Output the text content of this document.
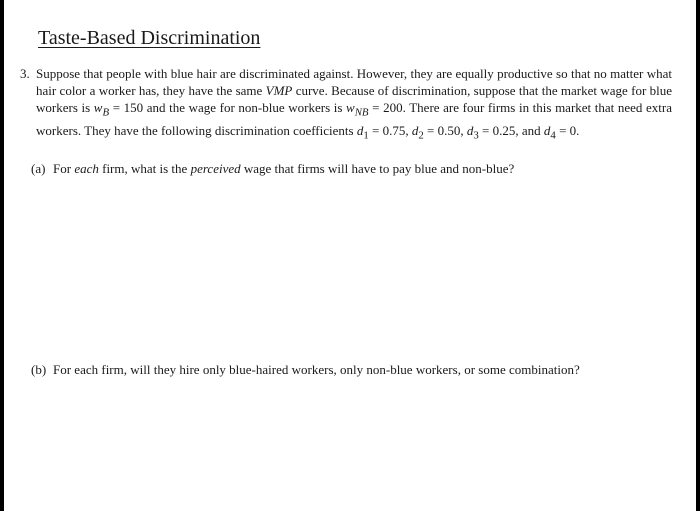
Taste-Based Discrimination
3. Suppose that people with blue hair are discriminated against. However, they are equally productive so that no matter what hair color a worker has, they have the same VMP curve. Because of discrimination, suppose that the market wage for blue workers is $w_B = 150$ and the wage for non-blue workers is $w_{NB} = 200$. There are four firms in this market that need extra workers. They have the following discrimination coefficients $d_1 = 0.75$, $d_2 = 0.50$, $d_3 = 0.25$, and $d_4 = 0$.
(a) For each firm, what is the perceived wage that firms will have to pay blue and non-blue?
(b) For each firm, will they hire only blue-haired workers, only non-blue workers, or some combination?
